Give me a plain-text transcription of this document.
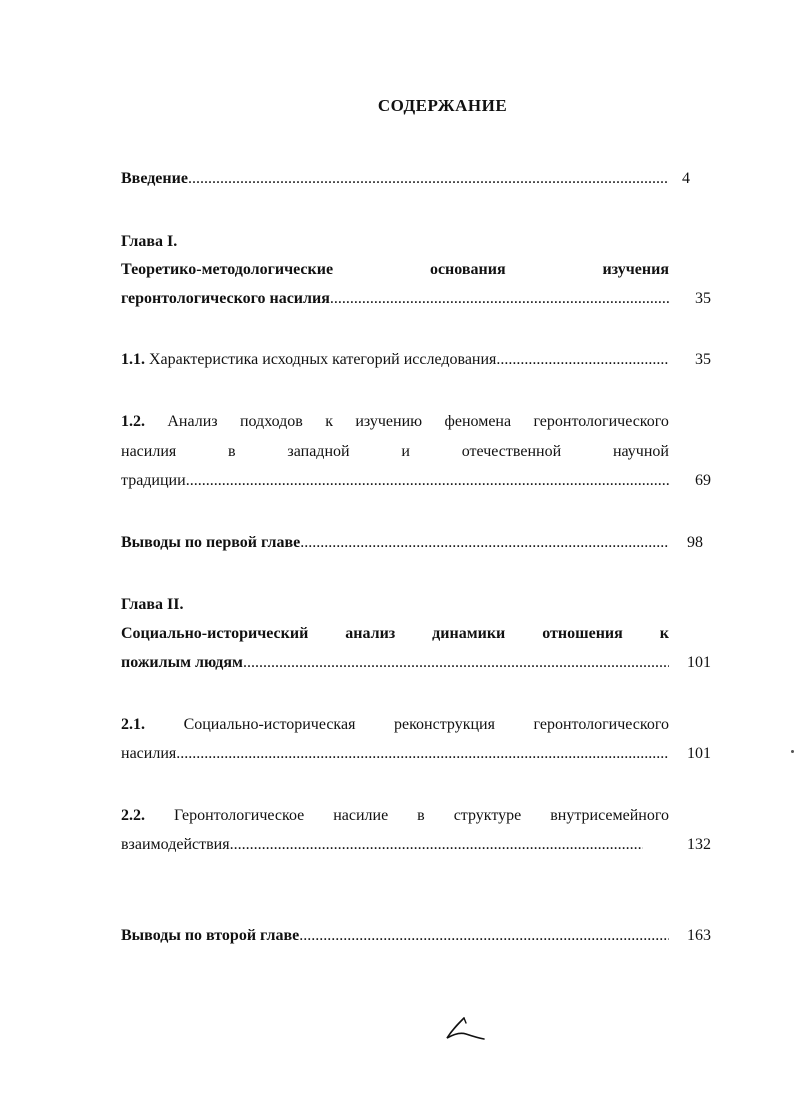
СОДЕРЖАНИЕ
Введение .....	4
Глава I.
Теоретико-методологические	основания	изучения
геронтологического насилия .....	35
1.1. Характеристика исходных категорий исследования .....	35
1.2. Анализ подходов к изучению феномена геронтологического
насилия	в	западной	и	отечественной	научной
традиции .....	69
Выводы по первой главе .....	98
Глава II.
Социально-исторический анализ динамики отношения к
пожилым людям .....	101
2.1. Социально-историческая реконструкция геронтологического
насилия .....	101
2.2. Геронтологическое насилие в структуре внутрисемейного
взаимодействия .....	132
Выводы по второй главе .....	163
